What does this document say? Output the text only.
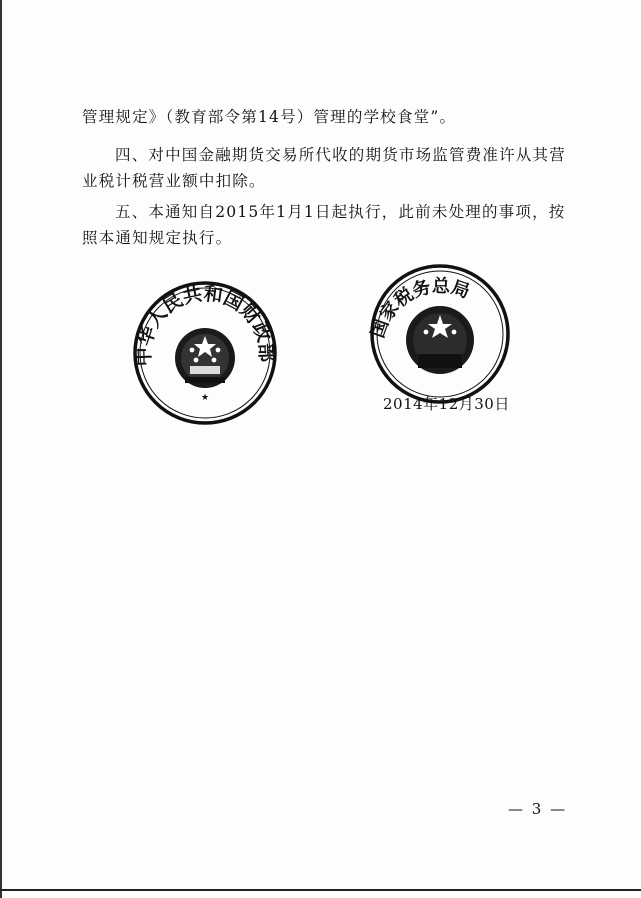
管理规定》（教育部令第14号）管理的学校食堂”。

四、对中国金融期货交易所代收的期货市场监管费准许从其营业税计税营业额中扣除。

五、本通知自2015年1月1日起执行，此前未处理的事项，按照本通知规定执行。

★
中华人民共和国财政部
国家税务总局
2014年12月30日
— 3 —
